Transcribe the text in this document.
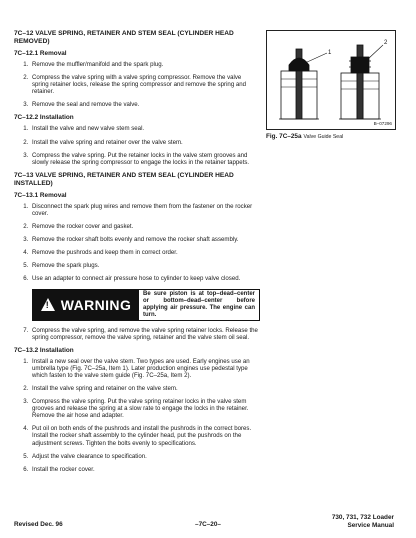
7C–12 VALVE SPRING, RETAINER AND STEM SEAL (CYLINDER HEAD REMOVED)
7C–12.1 Removal
1. Remove the muffler/manifold and the spark plug.
2. Compress the valve spring with a valve spring compressor. Remove the valve spring retainer locks, release the spring compressor and remove the spring and retainer.
3. Remove the seal and remove the valve.
7C–12.2 Installation
1. Install the valve and new valve stem seal.
2. Install the valve spring and retainer over the valve stem.
3. Compress the valve spring. Put the retainer locks in the valve stem grooves and slowly release the spring compressor to engage the locks in the retainer tappets.
7C–13 VALVE SPRING, RETAINER AND STEM SEAL (CYLINDER HEAD INSTALLED)
7C–13.1 Removal
1. Disconnect the spark plug wires and remove them from the fastener on the rocker cover.
2. Remove the rocker cover and gasket.
3. Remove the rocker shaft bolts evenly and remove the rocker shaft assembly.
4. Remove the pushrods and keep them in correct order.
5. Remove the spark plugs.
6. Use an adapter to connect air pressure hose to cylinder to keep valve closed.
! WARNING
Be sure piston is at top–dead–center or bottom–dead–center before applying air pressure. The engine can turn.
7. Compress the valve spring, and remove the valve spring retainer locks. Release the spring compressor, remove the valve spring, retainer and the valve stem oil seal.
7C–13.2 Installation
1. Install a new seal over the valve stem. Two types are used. Early engines use an umbrella type (Fig. 7C–25a, Item 1). Later production engines use pedestal type which fasten to the valve stem guide (Fig. 7C–25a, Item 2).
2. Install the valve spring and retainer on the valve stem.
3. Compress the valve spring. Put the valve spring retainer locks in the valve stem grooves and release the spring at a slow rate to engage the locks in the retainer. Remove the air hose and adapter.
4. Put oil on both ends of the pushrods and install the pushrods in the correct bores. Install the rocker shaft assembly to the cylinder head, put the pushrods on the adjustment screws. Tighten the bolts evenly to specifications.
5. Adjust the valve clearance to specification.
6. Install the rocker cover.
1
2
B–07296
Fig. 7C–25a Valve Guide Seal
Revised Dec. 96	–7C–20–
730, 731, 732 Loader
Service Manual
